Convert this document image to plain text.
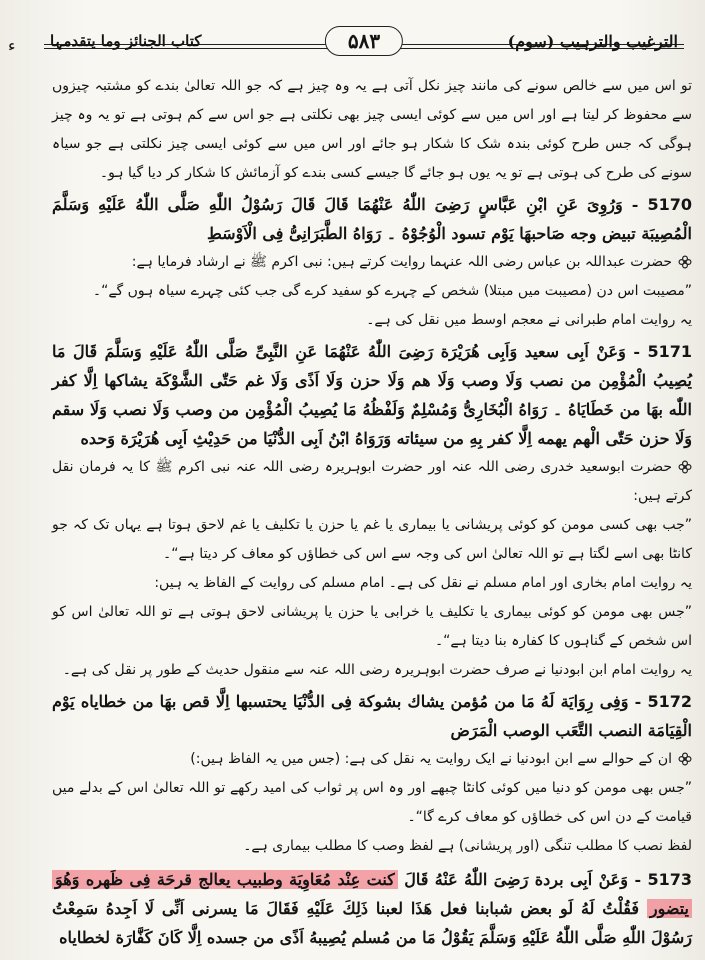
ء	الترغیب والترہیب (سوم)
۵۸۳
کتاب الجنائز وما یتقدمہا

تو اس میں سے خالص سونے کی مانند چیز نکل آتی ہے یہ وہ چیز ہے کہ جو اللہ تعالیٰ بندے کو مشتبہ چیزوں سے محفوظ کر لیتا ہے اور اس میں سے کوئی ایسی چیز بھی نکلتی ہے جو اس سے کم ہوتی ہے تو یہ وہ چیز ہوگی کہ جس طرح کوئی بندہ شک کا شکار ہو جائے اور اس میں سے کوئی ایسی چیز نکلتی ہے جو سیاہ سونے کی طرح کی ہوتی ہے تو یہ یوں ہو جائے گا جیسے کسی بندے کو آزمائش کا شکار کر دیا گیا ہو۔

5170 - وَرُوِیَ عَنِ ابْنِ عَبَّاسٍ رَضِیَ اللّٰهُ عَنْهُمَا قَالَ قَالَ رَسُوْلُ اللّٰهِ صَلَّی اللّٰهُ عَلَیْهِ وَسَلَّمَ الْمُصِیبَة تبیض وجه صَاحبهَا یَوْم تسود الْوُجُوْهُ ۔ رَوَاهُ الطَّبَرَانِیُّ فِی الْاَوْسَطِ

حضرت عبداللہ بن عباس رضی اللہ عنہما روایت کرتے ہیں: نبی اکرم ﷺ نے ارشاد فرمایا ہے:

”مصیبت اس دن (مصیبت میں مبتلا) شخص کے چہرے کو سفید کرے گی جب کئی چہرے سیاہ ہوں گے“۔

یہ روایت امام طبرانی نے معجم اوسط میں نقل کی ہے۔

5171 - وَعَنْ اَبِی سعید وَاَبِی هُرَیْرَة رَضِیَ اللّٰهُ عَنْهُمَا عَنِ النَّبِیِّ صَلَّی اللّٰهُ عَلَیْهِ وَسَلَّمَ قَالَ مَا یُصِیبُ الْمُؤْمِن من نصب وَلَا وصب وَلَا هم وَلَا حزن وَلَا اَذًی وَلَا غم حَتّٰی الشَّوْكَة یشاكها اِلَّا كفر اللّٰه بهَا من خَطَایَاهُ ۔ رَوَاهُ الْبُخَارِیُّ وَمُسْلِمٌ وَلَفْظُهُ مَا یُصِیبُ الْمُؤْمِن من وصب وَلَا نصب وَلَا سقم وَلَا حزن حَتّٰی الْهم یهمه اِلَّا كفر بِهِ من سیئاته وَرَوَاهُ ابْنُ اَبِی الدُّنْیَا من حَدِیْثِ اَبِی هُرَیْرَة وَحده

حضرت ابوسعید خدری رضی اللہ عنہ اور حضرت ابوہریرہ رضی اللہ عنہ نبی اکرم ﷺ کا یہ فرمان نقل کرتے ہیں:

”جب بھی کسی مومن کو کوئی پریشانی یا بیماری یا غم یا حزن یا تکلیف یا غم لاحق ہوتا ہے یہاں تک کہ جو کانٹا بھی اسے لگتا ہے تو اللہ تعالیٰ اس کی وجہ سے اس کی خطاؤں کو معاف کر دیتا ہے“۔

یہ روایت امام بخاری اور امام مسلم نے نقل کی ہے۔ امام مسلم کی روایت کے الفاظ یہ ہیں:

”جس بھی مومن کو کوئی بیماری یا تکلیف یا خرابی یا حزن یا پریشانی لاحق ہوتی ہے تو اللہ تعالیٰ اس کو اس شخص کے گناہوں کا کفارہ بنا دیتا ہے“۔

یہ روایت امام ابن ابودنیا نے صرف حضرت ابوہریرہ رضی اللہ عنہ سے منقول حدیث کے طور پر نقل کی ہے۔

5172 - وَفِی رِوَایَة لَهُ مَا من مُؤمن یشاك بشوكة فِی الدُّنْیَا یحتسبها اِلَّا قص بهَا من خطایاه یَوْم الْقِیَامَة النصب التَّعَب الوصب الْمَرَض

ان کے حوالے سے ابن ابودنیا نے ایک روایت یہ نقل کی ہے: (جس میں یہ الفاظ ہیں:)

”جس بھی مومن کو دنیا میں کوئی کانٹا چبھے اور وہ اس پر ثواب کی امید رکھے تو اللہ تعالیٰ اس کے بدلے میں قیامت کے دن اس کی خطاؤں کو معاف کرے گا“۔

لفظ نصب کا مطلب تنگی (اور پریشانی) ہے لفظ وصب کا مطلب بیماری ہے۔

5173 - وَعَنْ اَبِی بردة رَضِیَ اللّٰهُ عَنْهُ قَالَ كنت عِنْد مُعَاوِیَة وطبیب یعالج قرحَة فِی ظَهره وَهُوَ یتضور فَقُلْتُ لَهُ لَو بعض شبابنا فعل هَذَا لعبنا ذَلِكَ عَلَیْهِ فَقَالَ مَا یسرنی اَنِّی لَا اَجِدهُ سَمِعْتُ رَسُوْلَ اللّٰهِ صَلَّی اللّٰهُ عَلَیْهِ وَسَلَّمَ یَقُوْلُ مَا من مُسلم یُصِیبهُ اَذًی من جسده اِلَّا كَانَ كَفَّارَة لخطایاه
